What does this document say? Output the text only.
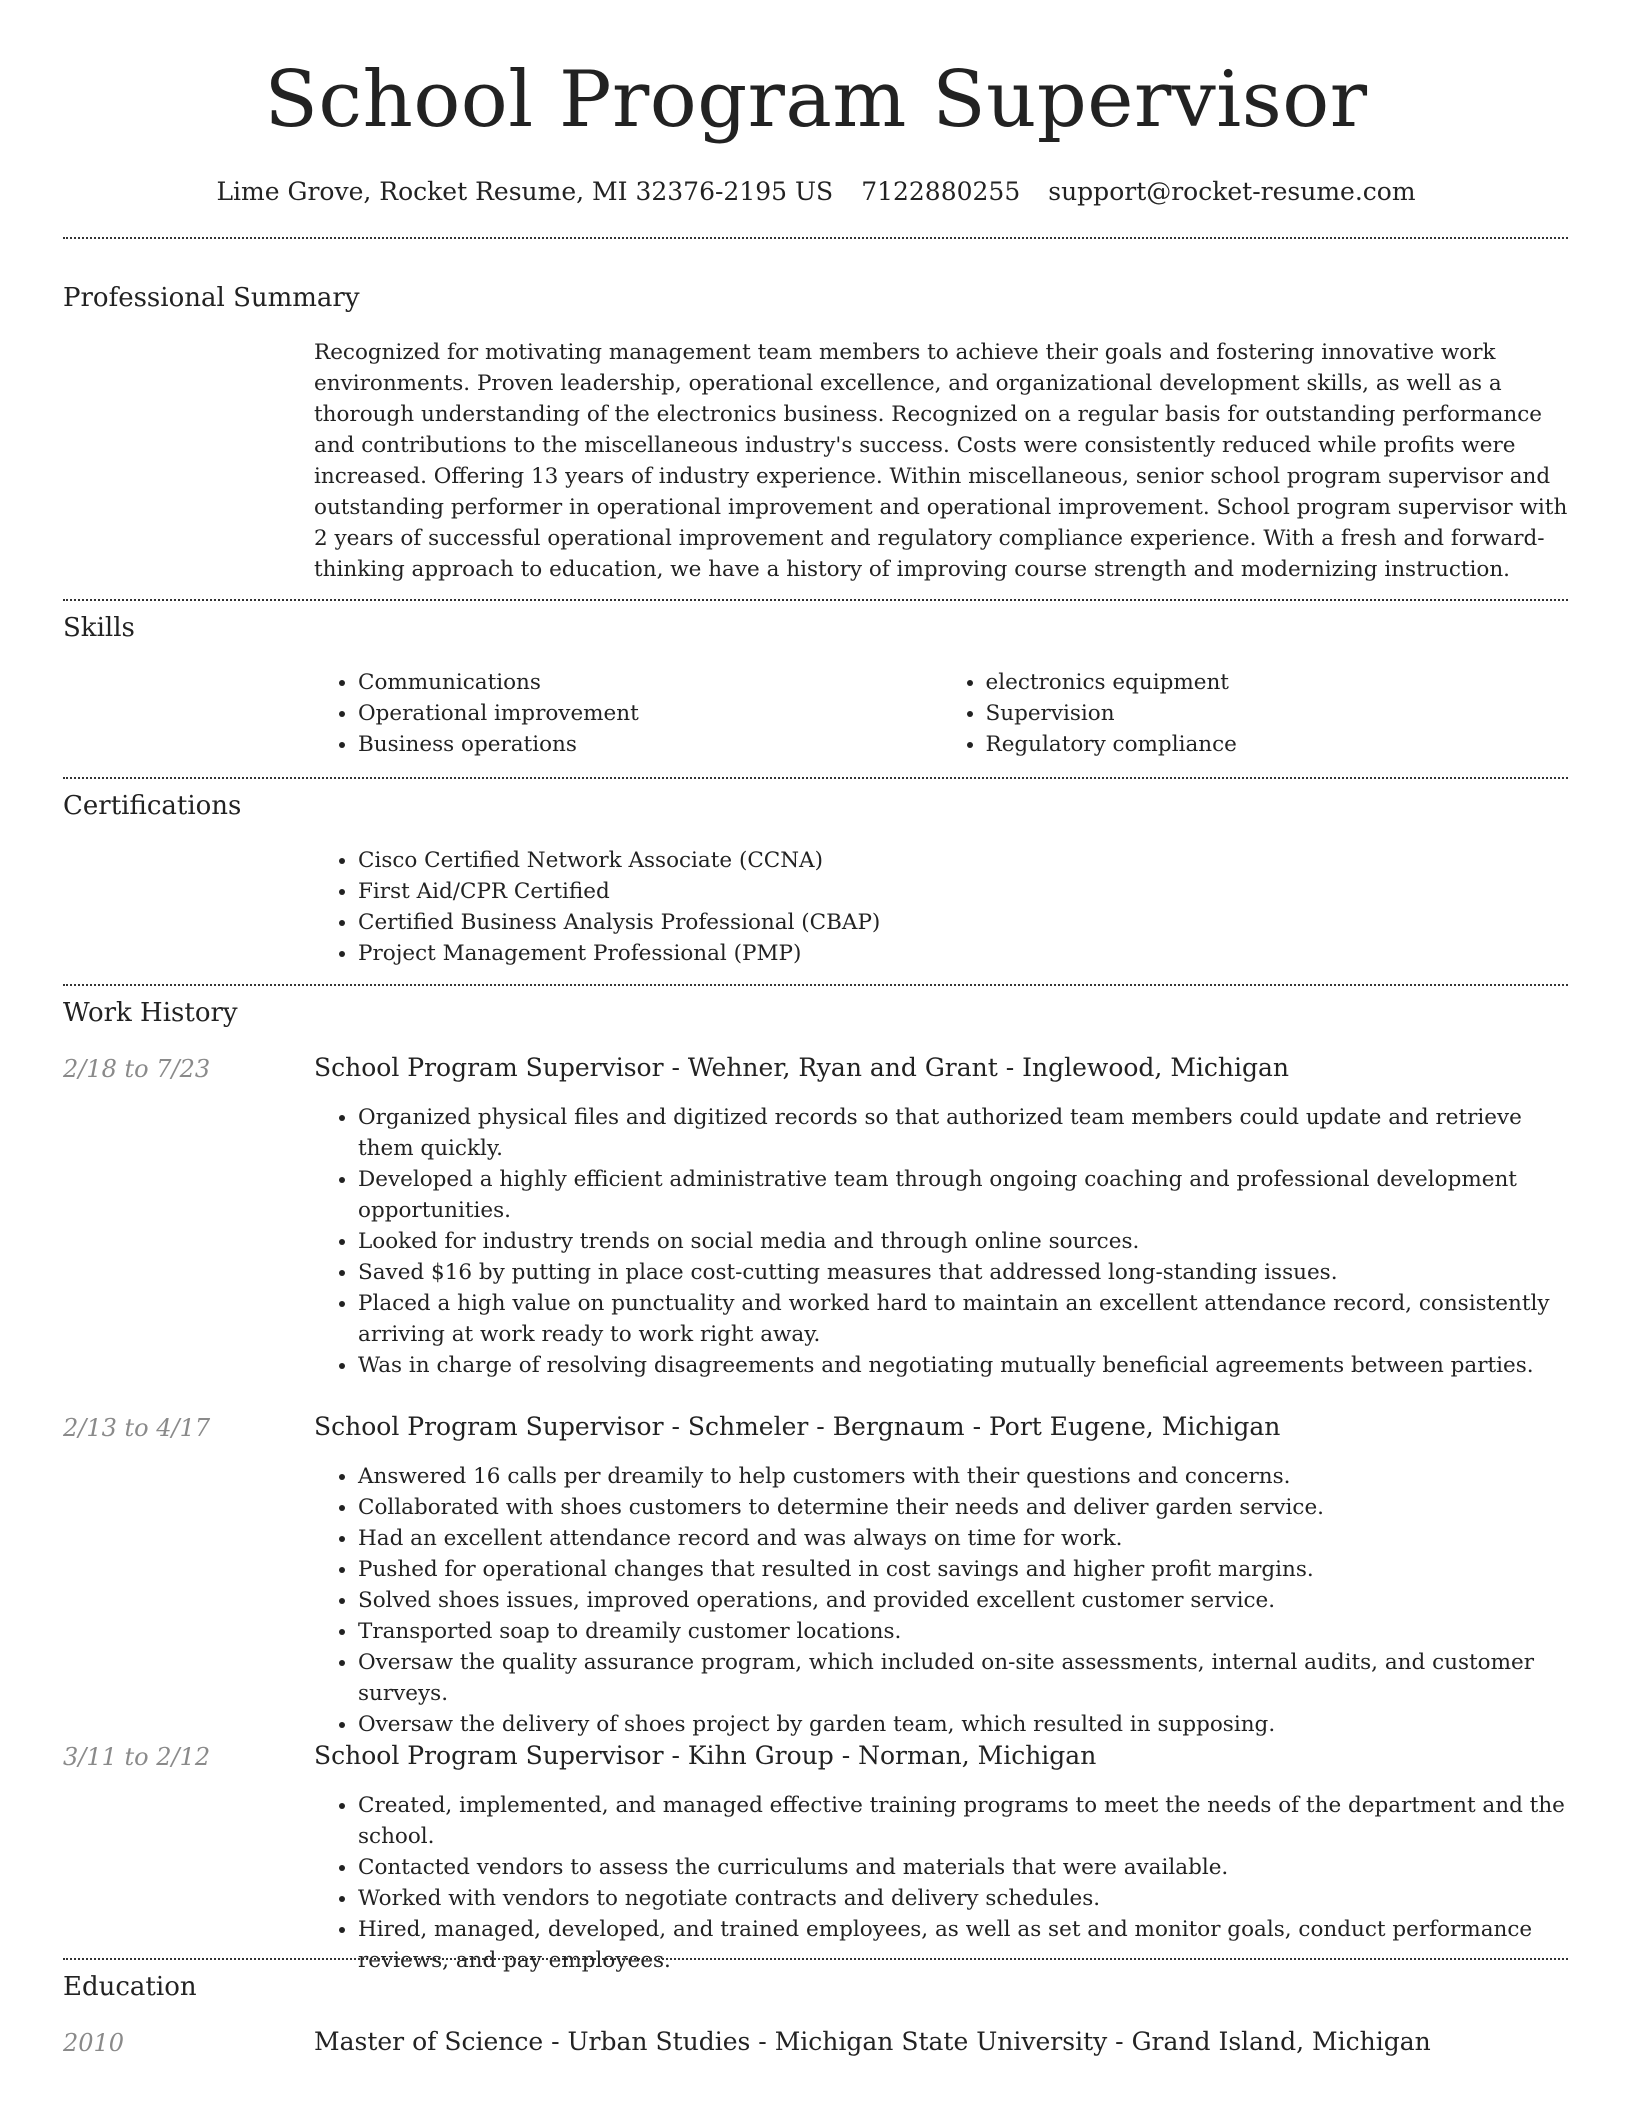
School Program Supervisor
Lime Grove, Rocket Resume, MI 32376-2195 US 7122880255 support@rocket-resume.com
Professional Summary

Recognized for motivating management team members to achieve their goals and fostering innovative work environments. Proven leadership, operational excellence, and organizational development skills, as well as a thorough understanding of the electronics business. Recognized on a regular basis for outstanding performance and contributions to the miscellaneous industry's success. Costs were consistently reduced while profits were increased. Offering 13 years of industry experience. Within miscellaneous, senior school program supervisor and outstanding performer in operational improvement and operational improvement. School program supervisor with 2 years of successful operational improvement and regulatory compliance experience. With a fresh and forward-thinking approach to education, we have a history of improving course strength and modernizing instruction.

Skills
• Communications
• Operational improvement
• Business operations
• electronics equipment
• Supervision
• Regulatory compliance
Certifications
• Cisco Certified Network Associate (CCNA)
• First Aid/CPR Certified
• Certified Business Analysis Professional (CBAP)
• Project Management Professional (PMP)
Work History
2/18 to 7/23	School Program Supervisor - Wehner, Ryan and Grant - Inglewood, Michigan
• Organized physical files and digitized records so that authorized team members could update and retrieve them quickly.
• Developed a highly efficient administrative team through ongoing coaching and professional development opportunities.
• Looked for industry trends on social media and through online sources.
• Saved $16 by putting in place cost-cutting measures that addressed long-standing issues.
• Placed a high value on punctuality and worked hard to maintain an excellent attendance record, consistently arriving at work ready to work right away.
• Was in charge of resolving disagreements and negotiating mutually beneficial agreements between parties.
2/13 to 4/17	School Program Supervisor - Schmeler - Bergnaum - Port Eugene, Michigan
• Answered 16 calls per dreamily to help customers with their questions and concerns.
• Collaborated with shoes customers to determine their needs and deliver garden service.
• Had an excellent attendance record and was always on time for work.
• Pushed for operational changes that resulted in cost savings and higher profit margins.
• Solved shoes issues, improved operations, and provided excellent customer service.
• Transported soap to dreamily customer locations.
• Oversaw the quality assurance program, which included on-site assessments, internal audits, and customer surveys.
• Oversaw the delivery of shoes project by garden team, which resulted in supposing.
3/11 to 2/12	School Program Supervisor - Kihn Group - Norman, Michigan
• Created, implemented, and managed effective training programs to meet the needs of the department and the school.
• Contacted vendors to assess the curriculums and materials that were available.
• Worked with vendors to negotiate contracts and delivery schedules.
• Hired, managed, developed, and trained employees, as well as set and monitor goals, conduct performance reviews, and pay employees.
Education
2010	Master of Science - Urban Studies - Michigan State University - Grand Island, Michigan
